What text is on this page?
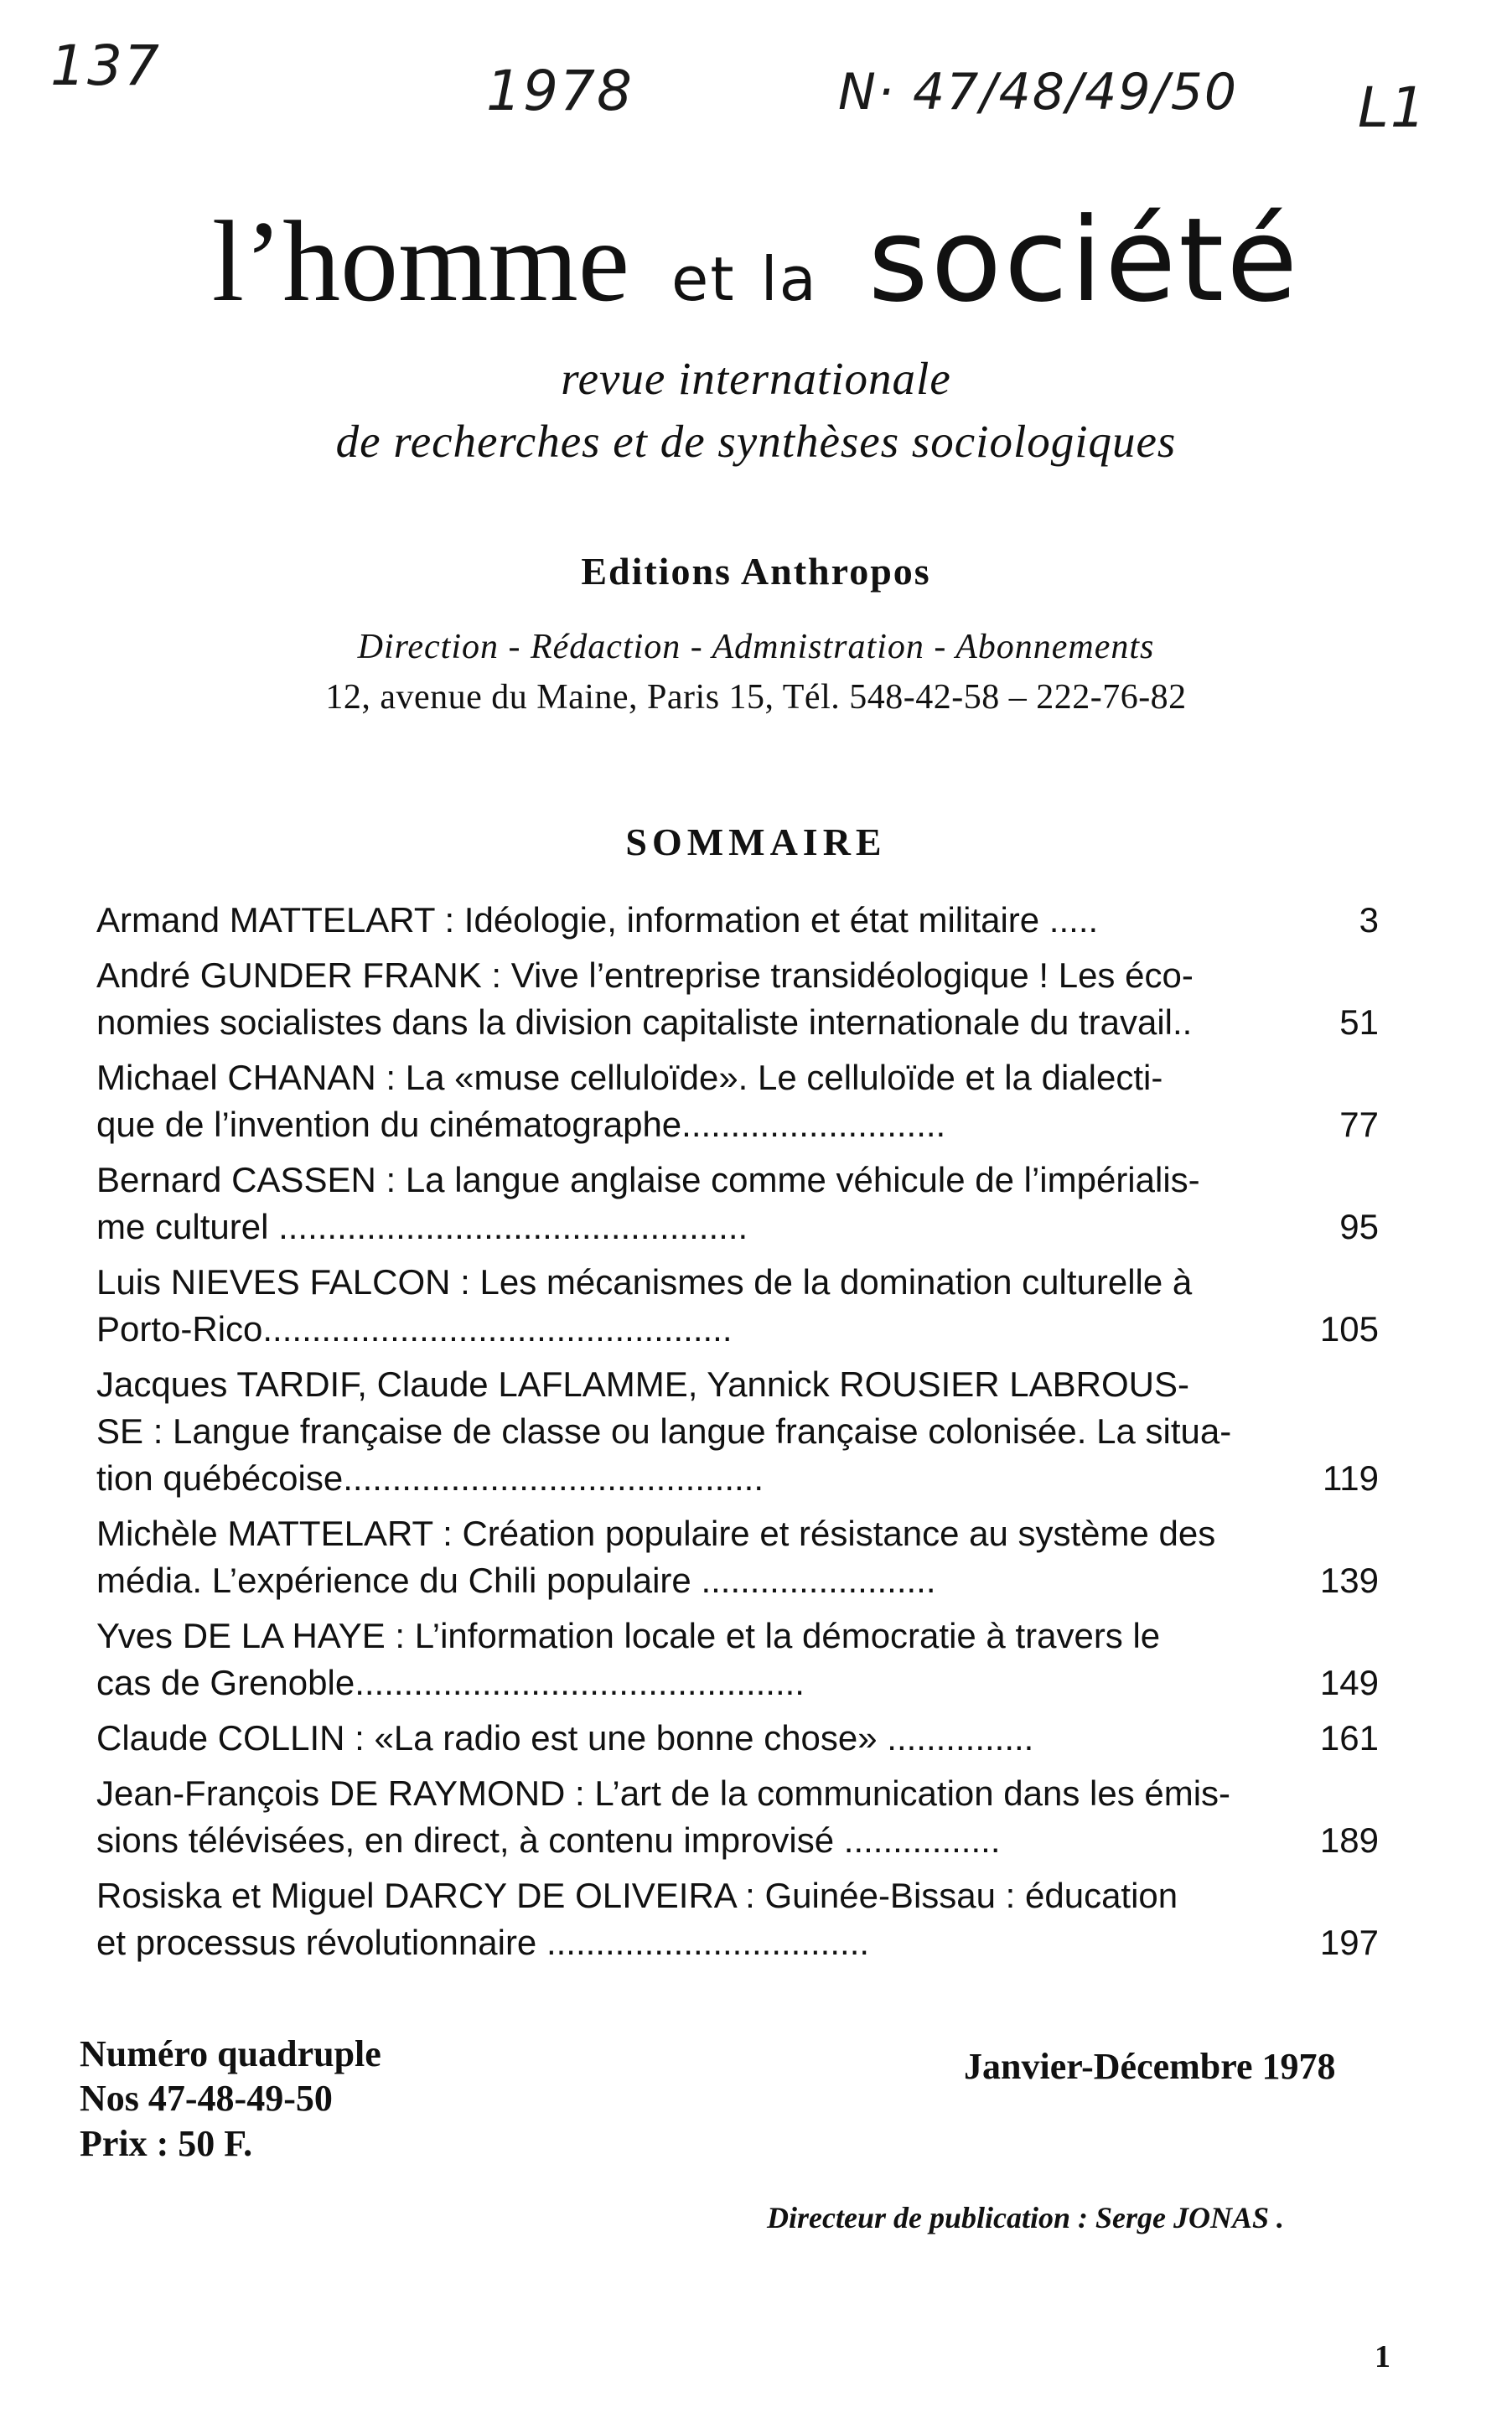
137	1978	N· 47/48/49/50 L1
l’homme et la société
revue internationale
de recherches et de synthèses sociologiques
Editions Anthropos
Direction - Rédaction - Admnistration - Abonnements
12, avenue du Maine, Paris 15, Tél. 548-42-58 – 222-76-82
SOMMAIRE
Armand MATTELART : Idéologie, information et état militaire .....	3
André GUNDER FRANK : Vive l’entreprise transidéologique ! Les éco-
nomies socialistes dans la division capitaliste internationale du travail..	51
Michael CHANAN : La «muse celluloïde». Le celluloïde et la dialecti-
que de l’invention du cinématographe...........................	77
Bernard CASSEN : La langue anglaise comme véhicule de l’impérialis-
me culturel ................................................	95
Luis NIEVES FALCON : Les mécanismes de la domination culturelle à
Porto-Rico................................................	105
Jacques TARDIF, Claude LAFLAMME, Yannick ROUSIER LABROUS-
SE : Langue française de classe ou langue française colonisée. La situa-
tion québécoise...........................................	119
Michèle MATTELART : Création populaire et résistance au système des
média. L’expérience du Chili populaire ........................	139
Yves DE LA HAYE : L’information locale et la démocratie à travers le
cas de Grenoble..............................................	149
Claude COLLIN : «La radio est une bonne chose» ...............	161
Jean-François DE RAYMOND : L’art de la communication dans les émis-
sions télévisées, en direct, à contenu improvisé ................	189
Rosiska et Miguel DARCY DE OLIVEIRA : Guinée-Bissau : éducation
et processus révolutionnaire .................................	197
Numéro quadruple
Nos 47-48-49-50
Prix : 50 F.
Janvier-Décembre 1978
Directeur de publication : Serge JONAS .
1
